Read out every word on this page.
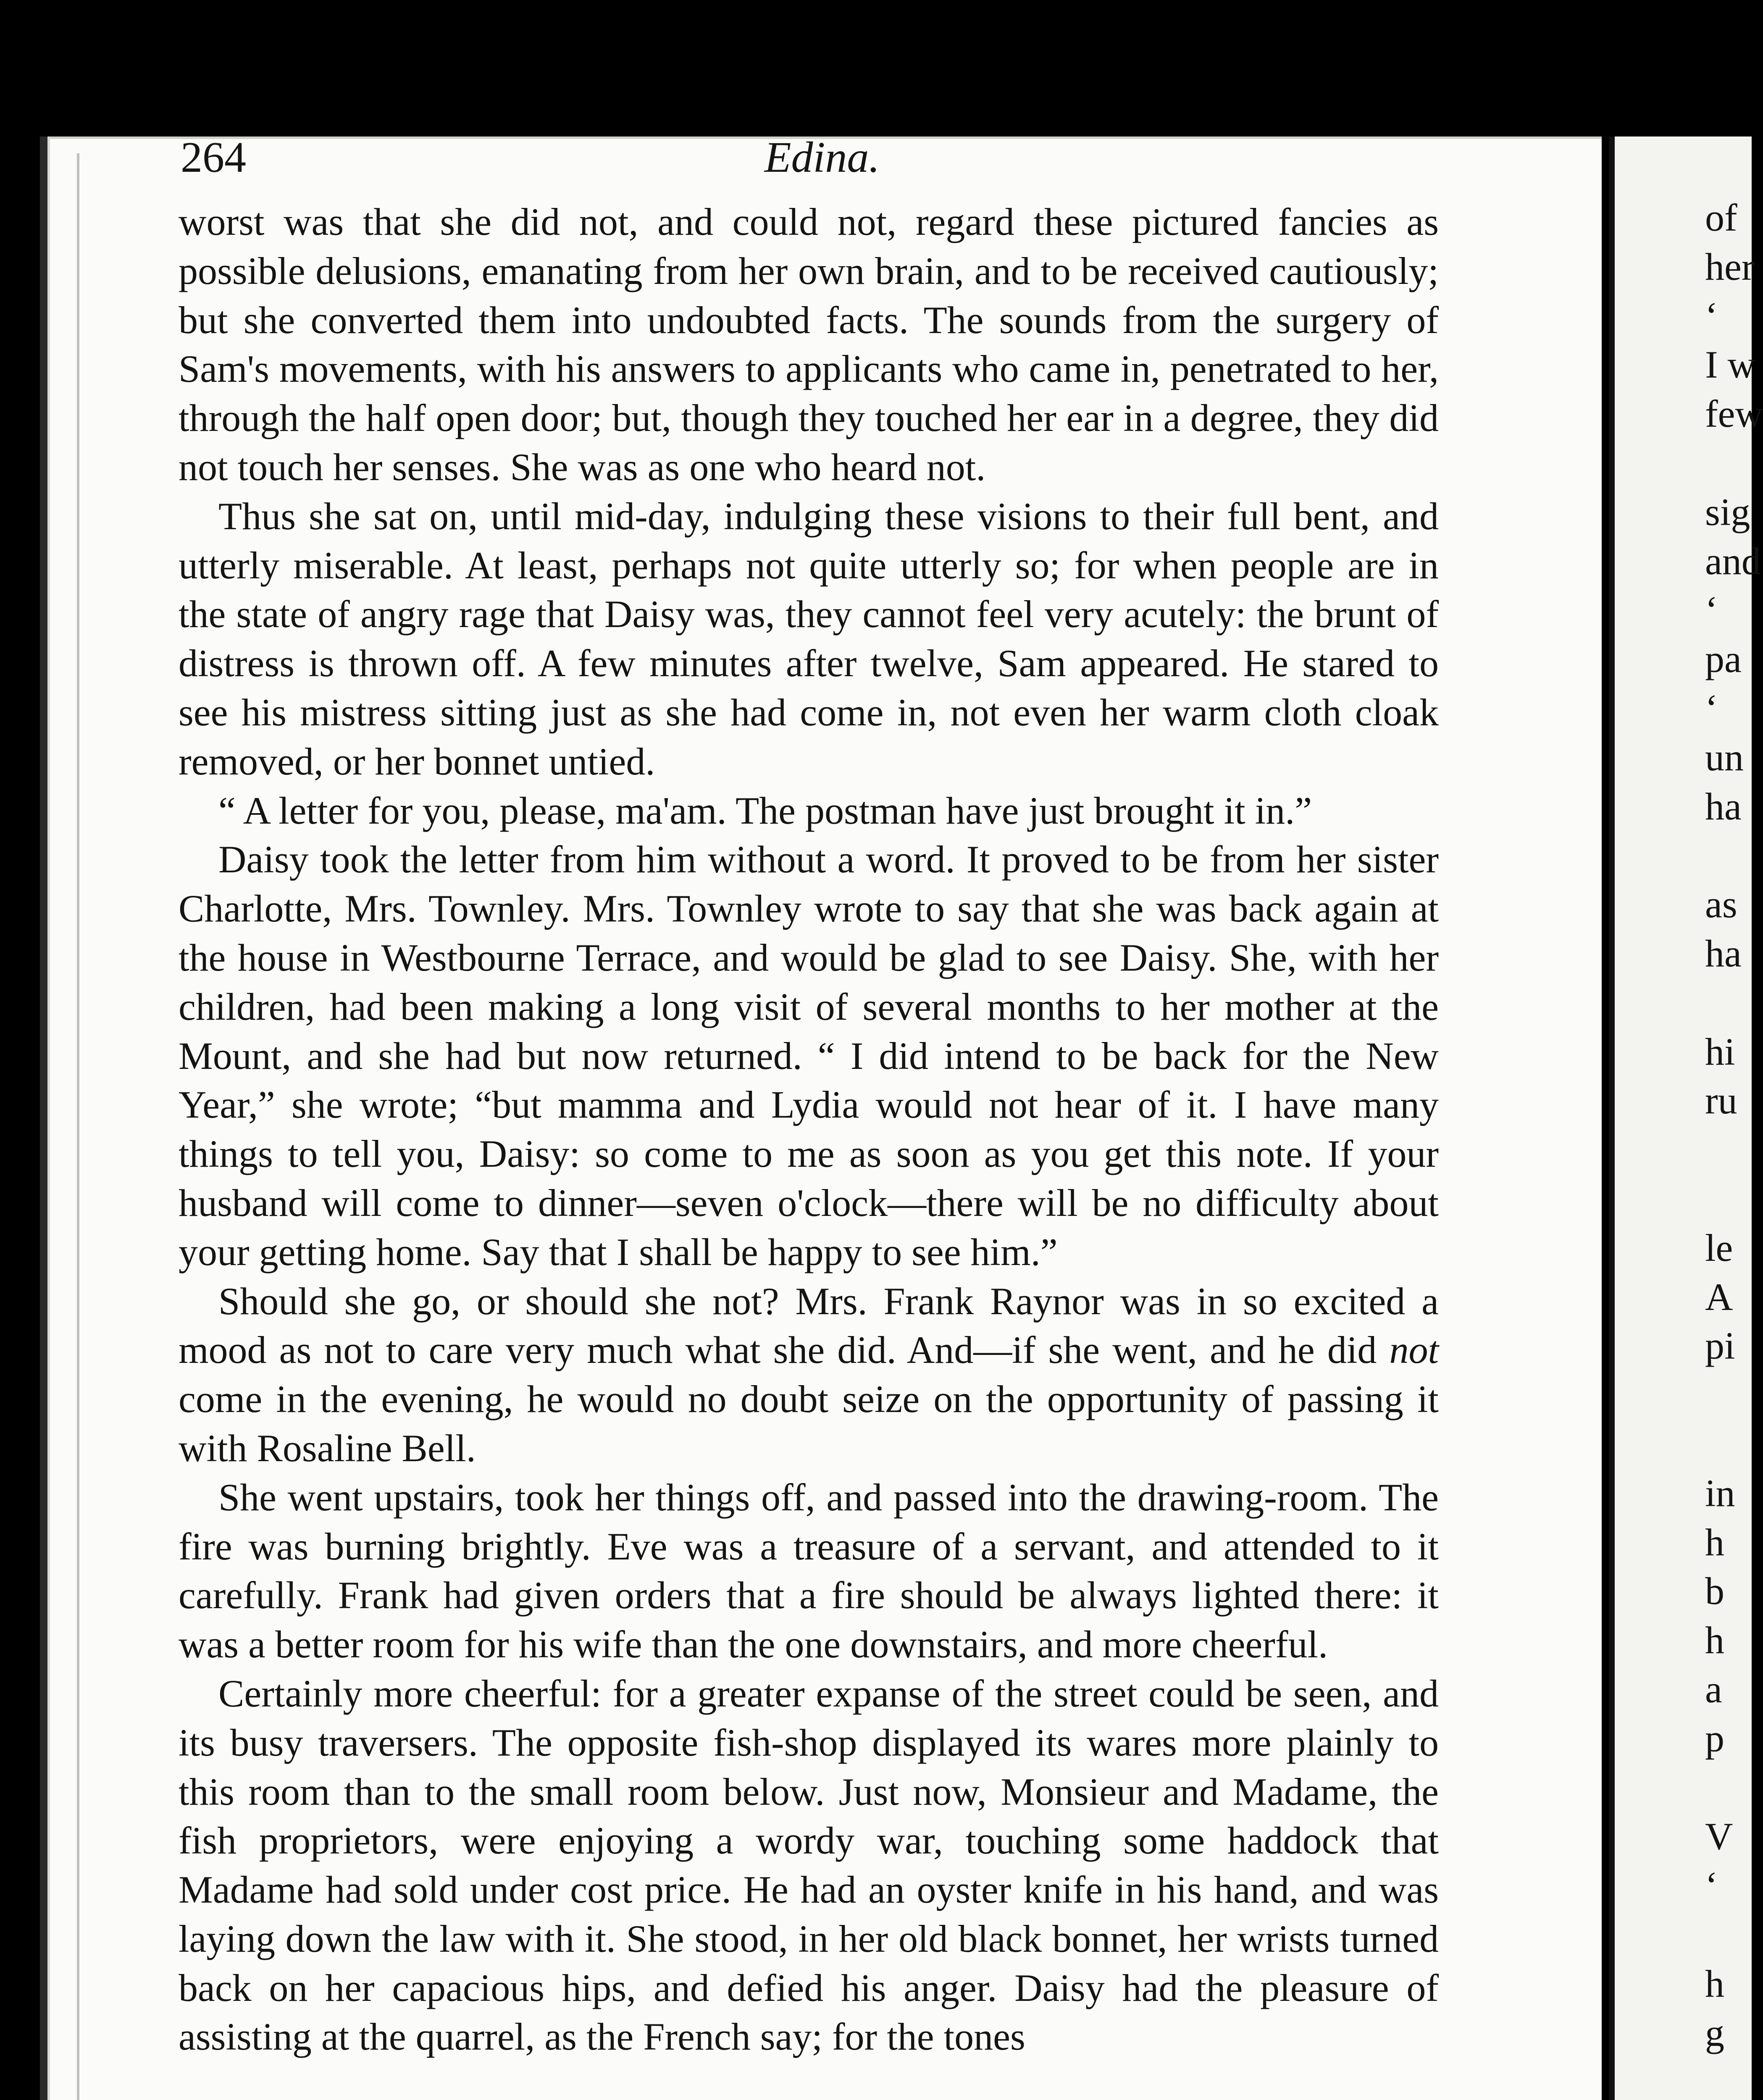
264	Edina.

worst was that she did not, and could not, regard these pictured fancies as possible delusions, emanating from her own brain, and to be received cautiously; but she converted them into undoubted facts. The sounds from the surgery of Sam's movements, with his answers to applicants who came in, penetrated to her, through the half open door; but, though they touched her ear in a degree, they did not touch her senses. She was as one who heard not.

Thus she sat on, until mid-day, indulging these visions to their full bent, and utterly miserable. At least, perhaps not quite utterly so; for when people are in the state of angry rage that Daisy was, they cannot feel very acutely: the brunt of distress is thrown off. A few minutes after twelve, Sam appeared. He stared to see his mistress sitting just as she had come in, not even her warm cloth cloak removed, or her bonnet untied.

“ A letter for you, please, ma'am. The postman have just brought it in.”

Daisy took the letter from him without a word. It proved to be from her sister Charlotte, Mrs. Townley. Mrs. Townley wrote to say that she was back again at the house in Westbourne Terrace, and would be glad to see Daisy. She, with her children, had been making a long visit of several months to her mother at the Mount, and she had but now returned. “ I did intend to be back for the New Year,” she wrote; “but mamma and Lydia would not hear of it. I have many things to tell you, Daisy: so come to me as soon as you get this note. If your husband will come to dinner—seven o'clock—there will be no difficulty about your getting home. Say that I shall be happy to see him.”

Should she go, or should she not? Mrs. Frank Raynor was in so excited a mood as not to care very much what she did. And—if she went, and he did not come in the evening, he would no doubt seize on the opportunity of passing it with Rosaline Bell.

She went upstairs, took her things off, and passed into the drawing-room. The fire was burning brightly. Eve was a treasure of a servant, and attended to it carefully. Frank had given orders that a fire should be always lighted there: it was a better room for his wife than the one downstairs, and more cheerful.

Certainly more cheerful: for a greater expanse of the street could be seen, and its busy traversers. The opposite fish-shop displayed its wares more plainly to this room than to the small room below. Just now, Monsieur and Madame, the fish proprietors, were enjoying a wordy war, touching some haddock that Madame had sold under cost price. He had an oyster knife in his hand, and was laying down the law with it. She stood, in her old black bonnet, her wrists turned back on her capacious hips, and defied his anger. Daisy had the pleasure of assisting at the quarrel, as the French say; for the tones

of
her
‘
I w
few
sig
and
‘
pa
‘
un
ha
as
ha
hi
ru
le
A
pi
in
h
b
h
a
p
V
‘
h
g
